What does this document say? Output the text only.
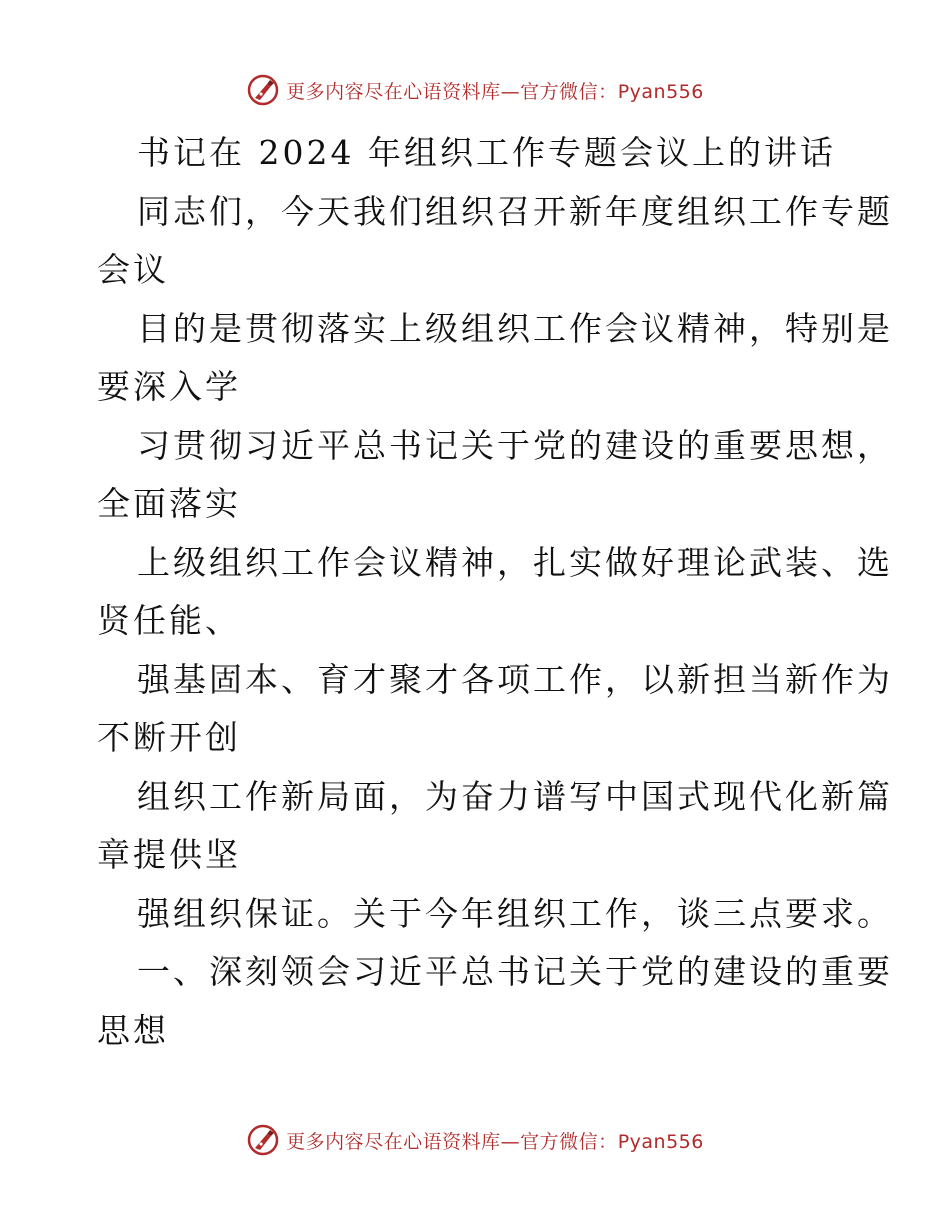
更多内容尽在心语资料库—官方微信：Pyan556

书记在 2024 年组织工作专题会议上的讲话

同志们，今天我们组织召开新年度组织工作专题

会议

目的是贯彻落实上级组织工作会议精神，特别是

要深入学

习贯彻习近平总书记关于党的建设的重要思想，

全面落实

上级组织工作会议精神，扎实做好理论武装、选

贤任能、

强基固本、育才聚才各项工作，以新担当新作为

不断开创

组织工作新局面，为奋力谱写中国式现代化新篇

章提供坚

强组织保证。关于今年组织工作，谈三点要求。

一、深刻领会习近平总书记关于党的建设的重要

思想

更多内容尽在心语资料库—官方微信：Pyan556
